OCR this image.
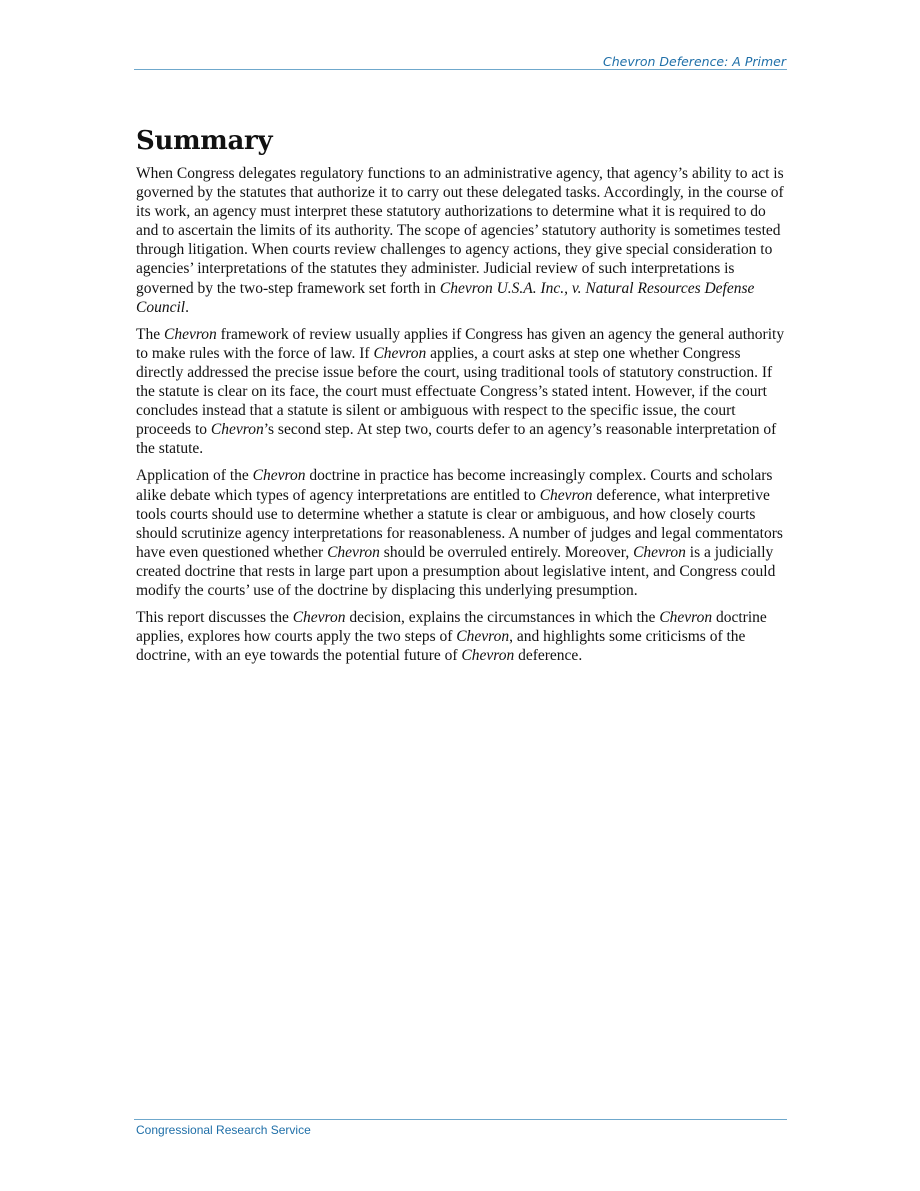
Chevron Deference: A Primer
Summary

When Congress delegates regulatory functions to an administrative agency, that agency’s ability to act is governed by the statutes that authorize it to carry out these delegated tasks. Accordingly, in the course of its work, an agency must interpret these statutory authorizations to determine what it is required to do and to ascertain the limits of its authority. The scope of agencies’ statutory authority is sometimes tested through litigation. When courts review challenges to agency actions, they give special consideration to agencies’ interpretations of the statutes they administer. Judicial review of such interpretations is governed by the two-step framework set forth in Chevron U.S.A. Inc., v. Natural Resources Defense Council.

The Chevron framework of review usually applies if Congress has given an agency the general authority to make rules with the force of law. If Chevron applies, a court asks at step one whether Congress directly addressed the precise issue before the court, using traditional tools of statutory construction. If the statute is clear on its face, the court must effectuate Congress’s stated intent. However, if the court concludes instead that a statute is silent or ambiguous with respect to the specific issue, the court proceeds to Chevron’s second step. At step two, courts defer to an agency’s reasonable interpretation of the statute.

Application of the Chevron doctrine in practice has become increasingly complex. Courts and scholars alike debate which types of agency interpretations are entitled to Chevron deference, what interpretive tools courts should use to determine whether a statute is clear or ambiguous, and how closely courts should scrutinize agency interpretations for reasonableness. A number of judges and legal commentators have even questioned whether Chevron should be overruled entirely. Moreover, Chevron is a judicially created doctrine that rests in large part upon a presumption about legislative intent, and Congress could modify the courts’ use of the doctrine by displacing this underlying presumption.

This report discusses the Chevron decision, explains the circumstances in which the Chevron doctrine applies, explores how courts apply the two steps of Chevron, and highlights some criticisms of the doctrine, with an eye towards the potential future of Chevron deference.

Congressional Research Service
